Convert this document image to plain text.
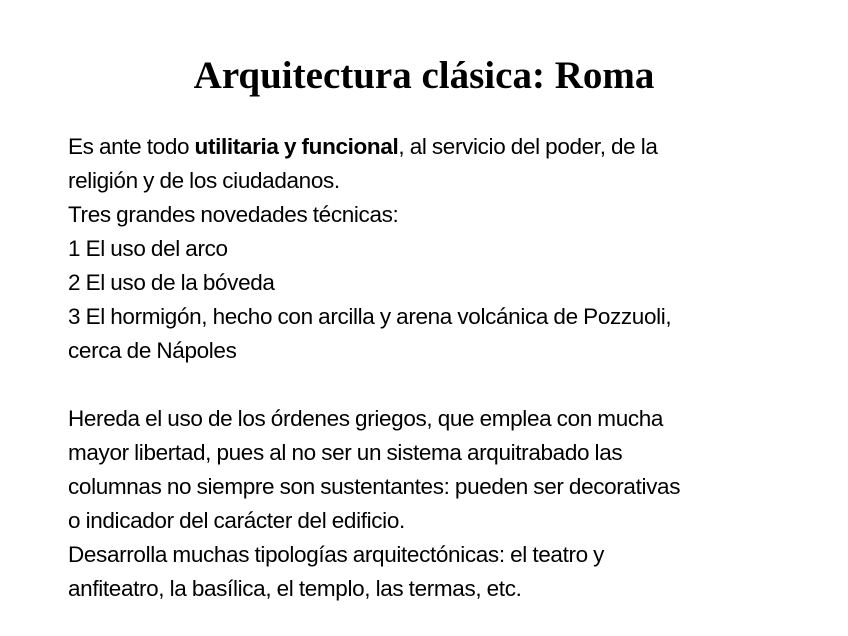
Arquitectura clásica: Roma
Es ante todo utilitaria y funcional, al servicio del poder, de la
religión y de los ciudadanos.
Tres grandes novedades técnicas:
1 El uso del arco
2 El uso de la bóveda
3 El hormigón, hecho con arcilla y arena volcánica de Pozzuoli,
cerca de Nápoles
Hereda el uso de los órdenes griegos, que emplea con mucha
mayor libertad, pues al no ser un sistema arquitrabado las
columnas no siempre son sustentantes: pueden ser decorativas
o indicador del carácter del edificio.
Desarrolla muchas tipologías arquitectónicas: el teatro y
anfiteatro, la basílica, el templo, las termas, etc.
